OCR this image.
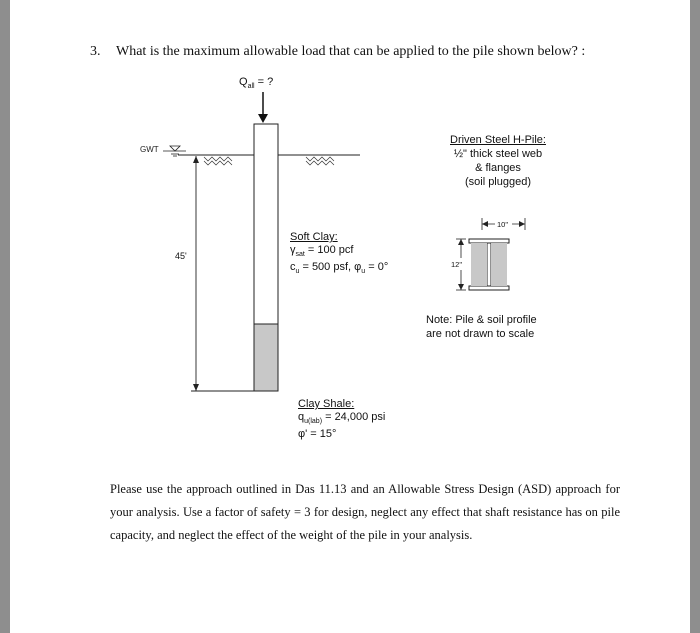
3. What is the maximum allowable load that can be applied to the pile shown below? :
GWT
45'
10"
12"
$Q_{all}$ = ?
Driven Steel H-Pile:
½" thick steel web
& flanges
(soil plugged)
Soft Clay:
$\gamma_{sat} = 100$ pcf
$c_u = 500$ psf, $\varphi_u = 0^\circ$
Clay Shale:
$q_{u(lab)} = 24,000$ psi
φ' = 15°
Note: Pile & soil profile
are not drawn to scale
Please use the approach outlined in Das 11.13 and an Allowable Stress Design (ASD) approach for your analysis. Use a factor of safety = 3 for design, neglect any effect that shaft resistance has on pile capacity, and neglect the effect of the weight of the pile in your analysis.
